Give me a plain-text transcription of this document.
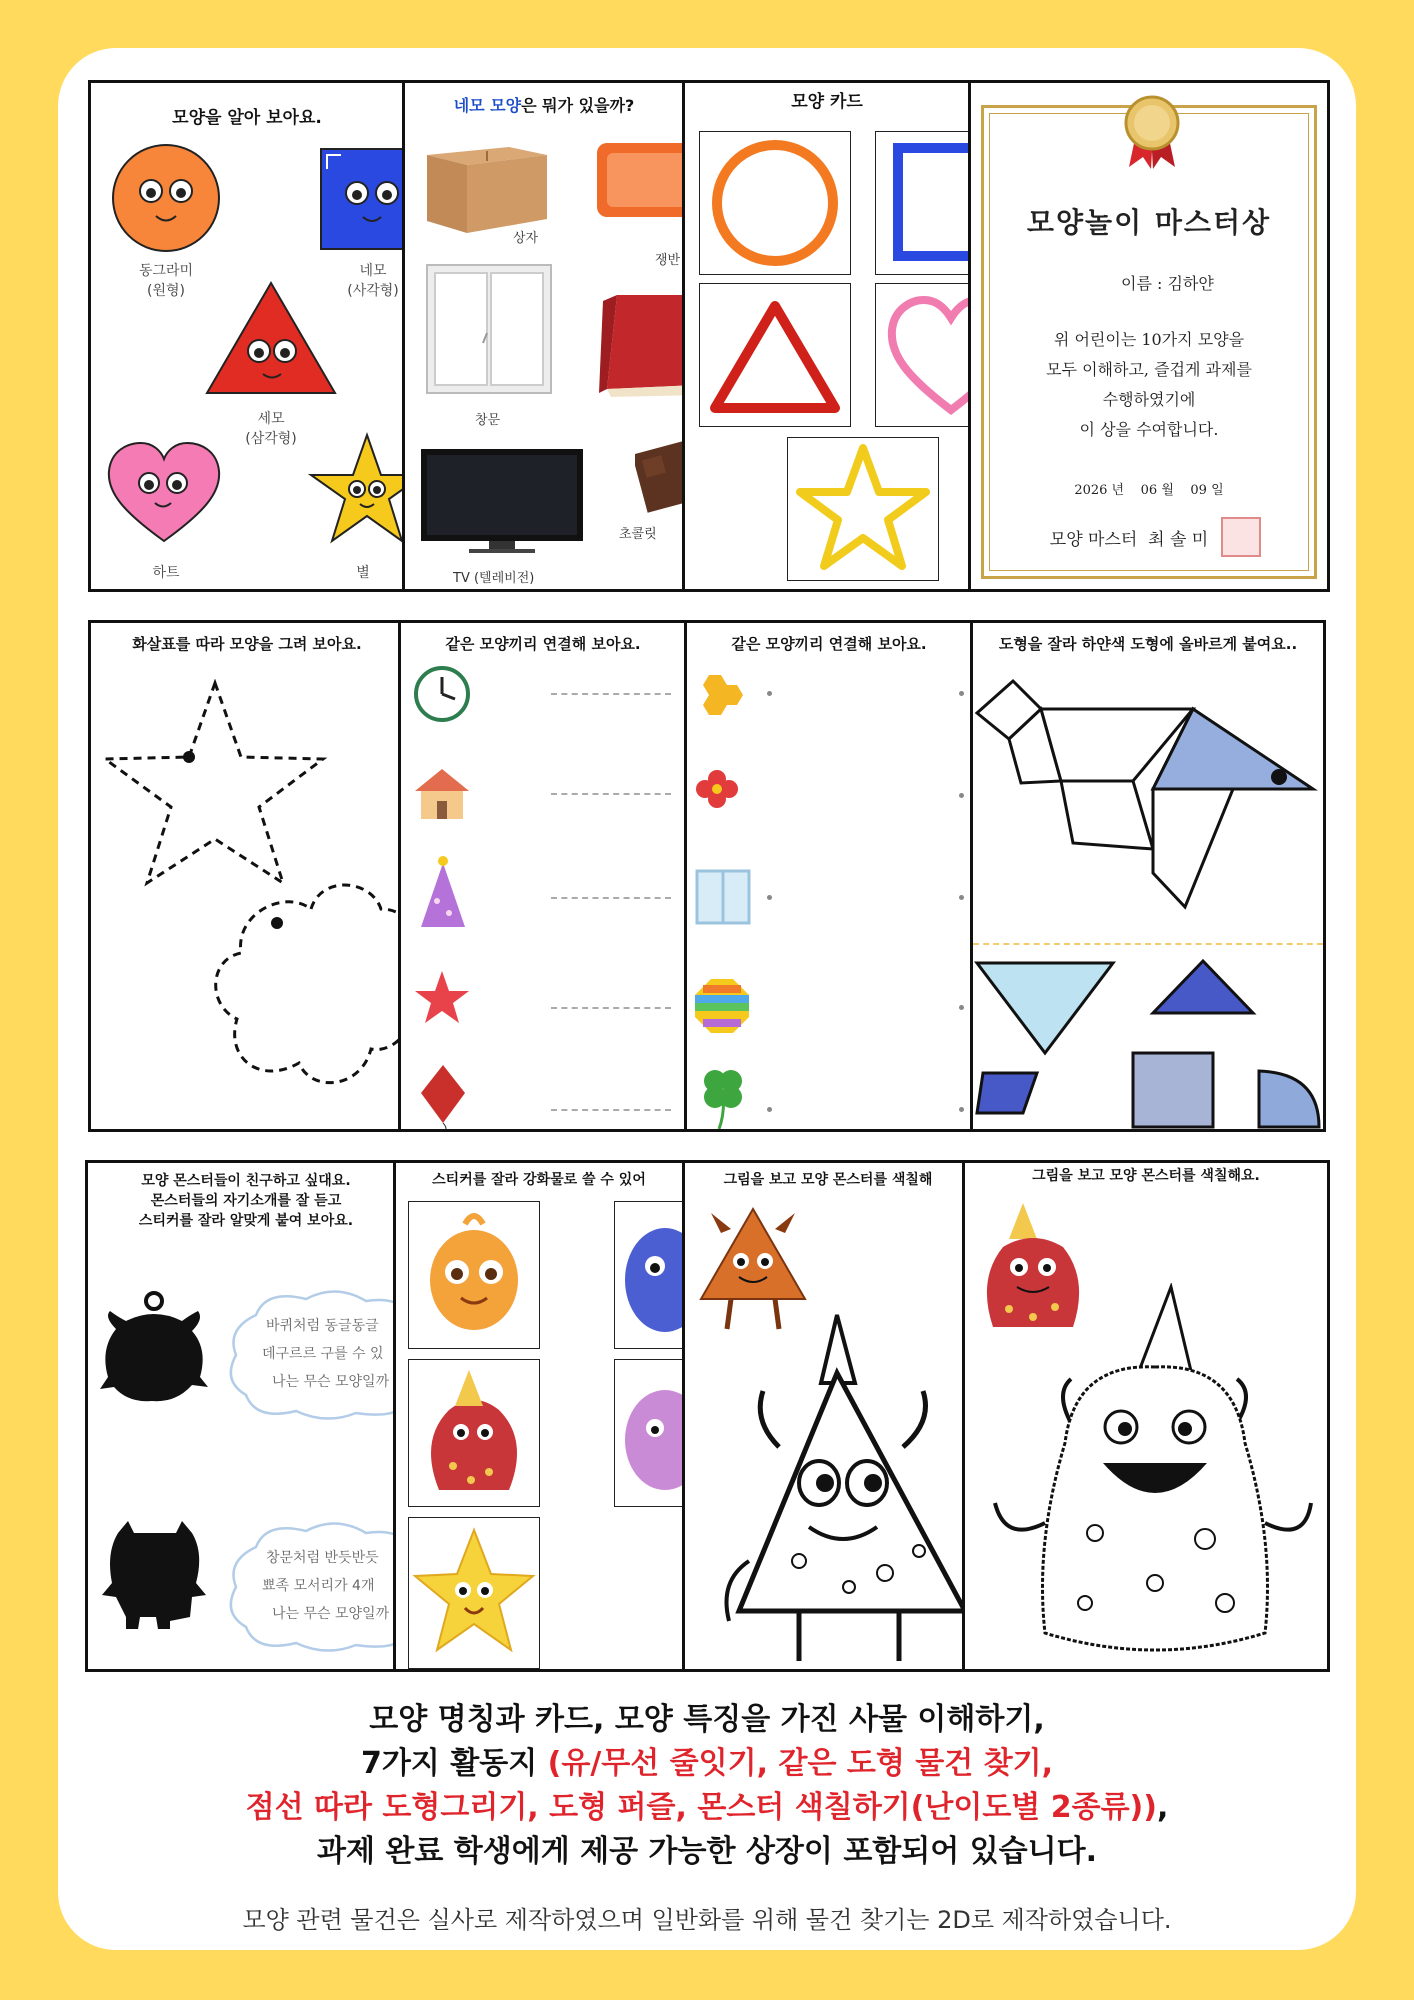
모양을 알아 보아요.
동그라미
(원형)
네모
(사각형)
세모
(삼각형)
하트	별
네모 모양은 뭐가 있을까?
상자
쟁반
창문
TV (텔레비전)
초콜릿
모양 카드
모양놀이 마스터상
이름 : 김하얀
위 어린이는 10가지 모양을
모두 이해하고, 즐겁게 과제를
수행하였기에
이 상을 수여합니다.
2026 년    06 월    09 일
모양 마스터  최 솔 미
화살표를 따라 모양을 그려 보아요.	같은 모양끼리 연결해 보아요.	같은 모양끼리 연결해 보아요.	도형을 잘라 하얀색 도형에 올바르게 붙여요..
모양 몬스터들이 친구하고 싶대요.
몬스터들의 자기소개를 잘 듣고
스티커를 잘라 알맞게 붙여 보아요.
바퀴처럼 동글동글
데구르르 구를 수 있
나는 무슨 모양일까
창문처럼 반듯반듯
뾰족 모서리가 4개
나는 무슨 모양일까
스티커를 잘라 강화물로 쓸 수 있어	그림을 보고 모양 몬스터를 색칠해	그림을 보고 모양 몬스터를 색칠해요.
모양 명칭과 카드, 모양 특징을 가진 사물 이해하기,
7가지 활동지 (유/무선 줄잇기, 같은 도형 물건 찾기,
점선 따라 도형그리기, 도형 퍼즐, 몬스터 색칠하기(난이도별 2종류)),
과제 완료 학생에게 제공 가능한 상장이 포함되어 있습니다.
모양 관련 물건은 실사로 제작하였으며 일반화를 위해 물건 찾기는 2D로 제작하였습니다.
